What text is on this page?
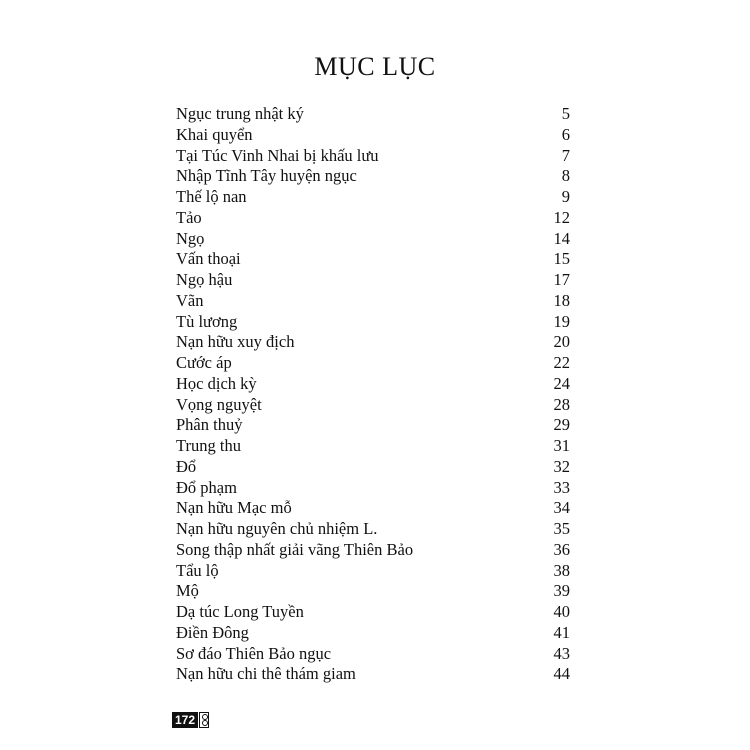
MỤC LỤC
Ngục trung nhật ký	5
Khai quyển	6
Tại Túc Vinh Nhai bị khấu lưu	7
Nhập Tĩnh Tây huyện ngục	8
Thế lộ nan	9
Tảo	12
Ngọ	14
Vấn thoại	15
Ngọ hậu	17
Vãn	18
Tù lương	19
Nạn hữu xuy địch	20
Cước áp	22
Học dịch kỳ	24
Vọng nguyệt	28
Phân thuỷ	29
Trung thu	31
Đổ	32
Đổ phạm	33
Nạn hữu Mạc mỗ	34
Nạn hữu nguyên chủ nhiệm L.	35
Song thập nhất giải vãng Thiên Bảo	36
Tẩu lộ	38
Mộ	39
Dạ túc Long Tuyền	40
Điền Đông	41
Sơ đáo Thiên Bảo ngục	43
Nạn hữu chi thê thám giam	44
172
